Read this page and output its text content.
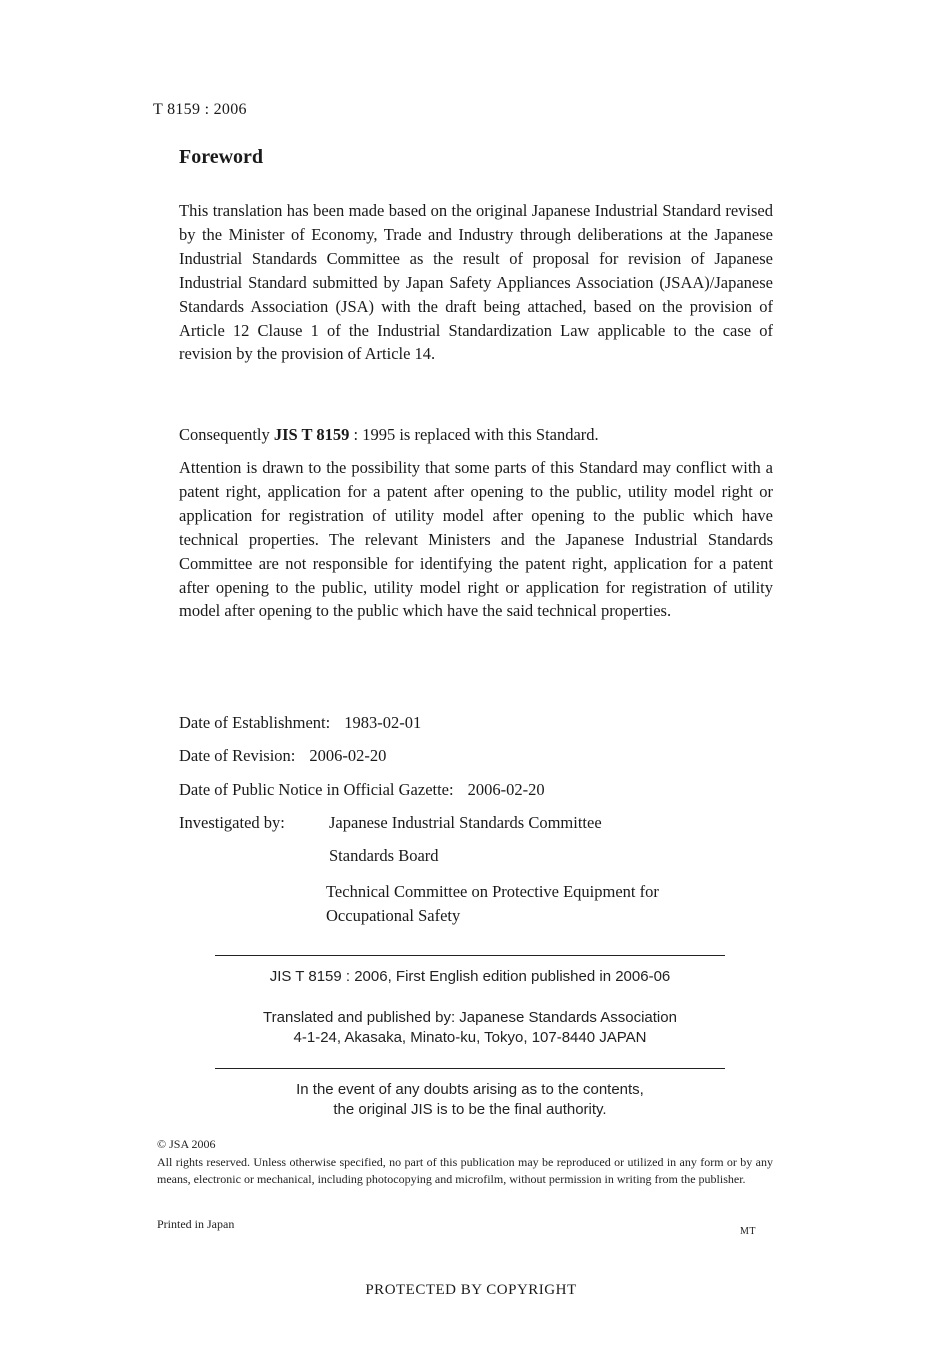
T 8159 : 2006
Foreword
This translation has been made based on the original Japanese Industrial Standard revised by the Minister of Economy, Trade and Industry through deliberations at the Japanese Industrial Standards Committee as the result of proposal for revision of Japanese Industrial Standard submitted by Japan Safety Appliances Association (JSAA)/Japanese Standards Association (JSA) with the draft being attached, based on the provision of Article 12 Clause 1 of the Industrial Standardization Law applicable to the case of revision by the provision of Article 14.
Consequently JIS T 8159 : 1995 is replaced with this Standard.
Attention is drawn to the possibility that some parts of this Standard may conflict with a patent right, application for a patent after opening to the public, utility model right or application for registration of utility model after opening to the public which have technical properties. The relevant Ministers and the Japanese Industrial Standards Committee are not responsible for identifying the patent right, application for a patent after opening to the public, utility model right or application for registration of utility model after opening to the public which have the said technical properties.
Date of Establishment: 1983-02-01
Date of Revision: 2006-02-20
Date of Public Notice in Official Gazette: 2006-02-20
Investigated by:	Japanese Industrial Standards Committee
Standards Board
Technical Committee on Protective Equipment for
Occupational Safety
JIS T 8159 : 2006, First English edition published in 2006-06
Translated and published by: Japanese Standards Association
4-1-24, Akasaka, Minato-ku, Tokyo, 107-8440 JAPAN
In the event of any doubts arising as to the contents,
the original JIS is to be the final authority.
© JSA 2006
All rights reserved. Unless otherwise specified, no part of this publication may be reproduced or utilized in any form or by any means, electronic or mechanical, including photocopying and microfilm, without permission in writing from the publisher.
Printed in Japan
MT
PROTECTED BY COPYRIGHT
